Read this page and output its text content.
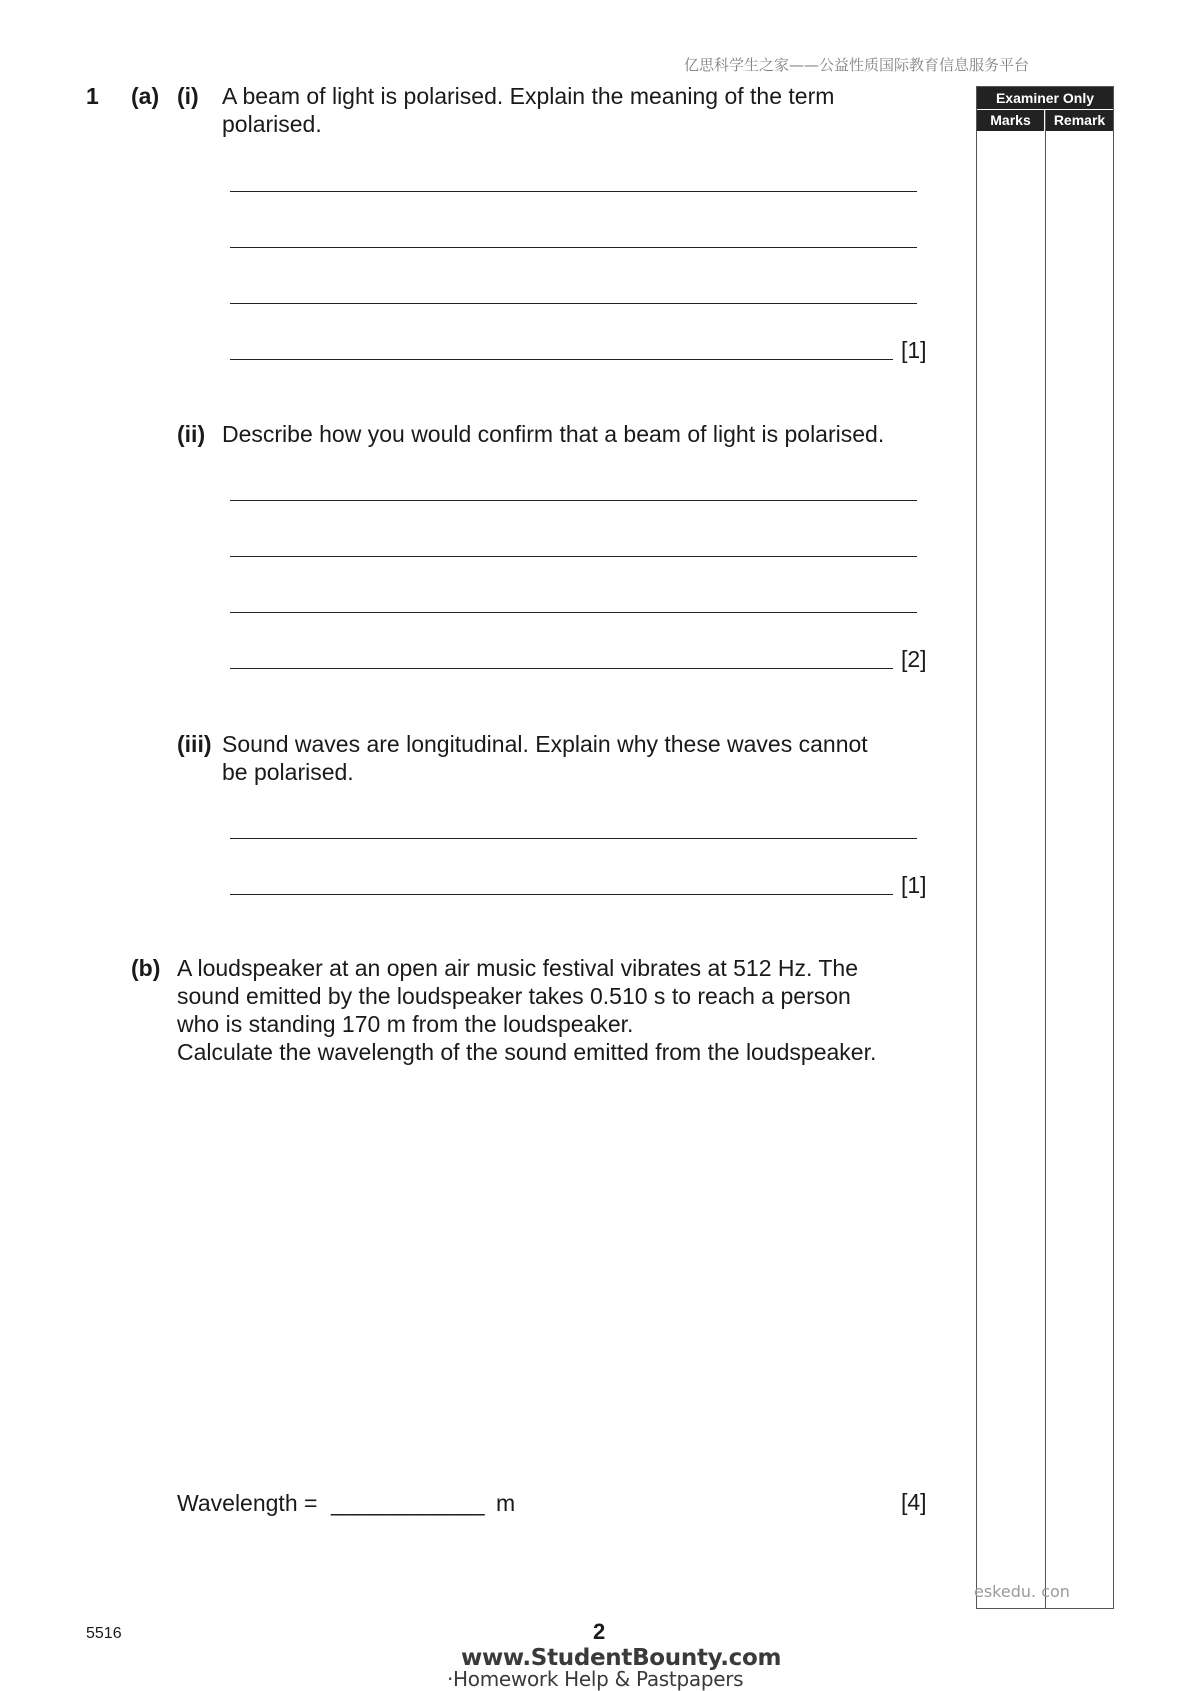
亿思科学生之家——公益性质国际教育信息服务平台
1 (a) (i) A beam of light is polarised. Explain the meaning of the term
polarised.
[1]
(ii) Describe how you would confirm that a beam of light is polarised.
[2]
(iii) Sound waves are longitudinal. Explain why these waves cannot
be polarised.
[1]
(b) A loudspeaker at an open air music festival vibrates at 512 Hz. The
sound emitted by the loudspeaker takes 0.510 s to reach a person
who is standing 170 m from the loudspeaker.
Calculate the wavelength of the sound emitted from the loudspeaker.
Wavelength = ____________ m	[4]
Examiner Only
Marks	Remark
eskedu. con
5516	2
www.StudentBounty.com
·Homework Help & Pastpapers
